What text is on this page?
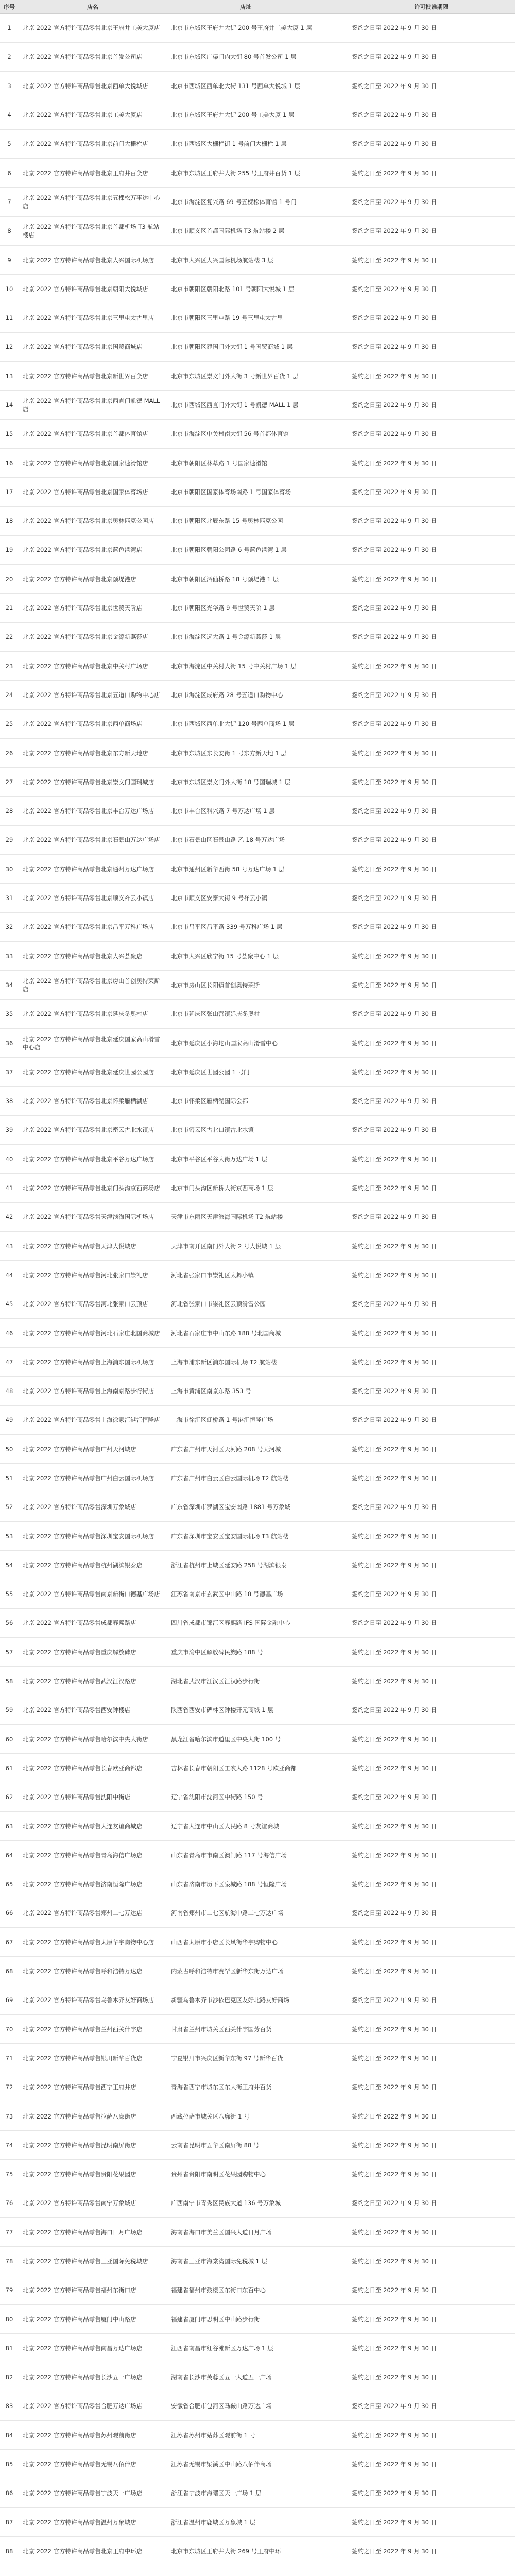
序号	店名	店址		许可批准期限
1	北京 2022 官方特许商品零售北京王府井工美大厦店	北京市东城区王府井大街 200 号王府井工美大厦 1 层		签约之日至 2022 年 9 月 30 日
2	北京 2022 官方特许商品零售北京首发公司店	北京市东城区广渠门内大街 80 号首发公司 1 层		签约之日至 2022 年 9 月 30 日
3	北京 2022 官方特许商品零售北京西单大悦城店	北京市西城区西单北大街 131 号西单大悦城 1 层		签约之日至 2022 年 9 月 30 日
4	北京 2022 官方特许商品零售北京工美大厦店	北京市东城区王府井大街 200 号工美大厦 1 层		签约之日至 2022 年 9 月 30 日
5	北京 2022 官方特许商品零售北京前门大栅栏店	北京市西城区大栅栏街 1 号前门大栅栏 1 层		签约之日至 2022 年 9 月 30 日
6	北京 2022 官方特许商品零售北京王府井百货店	北京市东城区王府井大街 255 号王府井百货 1 层		签约之日至 2022 年 9 月 30 日
7	北京 2022 官方特许商品零售北京五棵松万事达中心店	北京市海淀区复兴路 69 号五棵松体育馆 1 号门		签约之日至 2022 年 9 月 30 日
8	北京 2022 官方特许商品零售北京首都机场 T3 航站楼店	北京市顺义区首都国际机场 T3 航站楼 2 层		签约之日至 2022 年 9 月 30 日
9	北京 2022 官方特许商品零售北京大兴国际机场店	北京市大兴区大兴国际机场航站楼 3 层		签约之日至 2022 年 9 月 30 日
10	北京 2022 官方特许商品零售北京朝阳大悦城店	北京市朝阳区朝阳北路 101 号朝阳大悦城 1 层		签约之日至 2022 年 9 月 30 日
11	北京 2022 官方特许商品零售北京三里屯太古里店	北京市朝阳区三里屯路 19 号三里屯太古里		签约之日至 2022 年 9 月 30 日
12	北京 2022 官方特许商品零售北京国贸商城店	北京市朝阳区建国门外大街 1 号国贸商城 1 层		签约之日至 2022 年 9 月 30 日
13	北京 2022 官方特许商品零售北京新世界百货店	北京市东城区崇文门外大街 3 号新世界百货 1 层		签约之日至 2022 年 9 月 30 日
14	北京 2022 官方特许商品零售北京西直门凯德 MALL 店	北京市西城区西直门外大街 1 号凯德 MALL 1 层		签约之日至 2022 年 9 月 30 日
15	北京 2022 官方特许商品零售北京首都体育馆店	北京市海淀区中关村南大街 56 号首都体育馆		签约之日至 2022 年 9 月 30 日
16	北京 2022 官方特许商品零售北京国家速滑馆店	北京市朝阳区林萃路 1 号国家速滑馆		签约之日至 2022 年 9 月 30 日
17	北京 2022 官方特许商品零售北京国家体育场店	北京市朝阳区国家体育场南路 1 号国家体育场		签约之日至 2022 年 9 月 30 日
18	北京 2022 官方特许商品零售北京奥林匹克公园店	北京市朝阳区北辰东路 15 号奥林匹克公园		签约之日至 2022 年 9 月 30 日
19	北京 2022 官方特许商品零售北京蓝色港湾店	北京市朝阳区朝阳公园路 6 号蓝色港湾 1 层		签约之日至 2022 年 9 月 30 日
20	北京 2022 官方特许商品零售北京颐堤港店	北京市朝阳区酒仙桥路 18 号颐堤港 1 层		签约之日至 2022 年 9 月 30 日
21	北京 2022 官方特许商品零售北京世贸天阶店	北京市朝阳区光华路 9 号世贸天阶 1 层		签约之日至 2022 年 9 月 30 日
22	北京 2022 官方特许商品零售北京金源新燕莎店	北京市海淀区远大路 1 号金源新燕莎 1 层		签约之日至 2022 年 9 月 30 日
23	北京 2022 官方特许商品零售北京中关村广场店	北京市海淀区中关村大街 15 号中关村广场 1 层		签约之日至 2022 年 9 月 30 日
24	北京 2022 官方特许商品零售北京五道口购物中心店	北京市海淀区成府路 28 号五道口购物中心		签约之日至 2022 年 9 月 30 日
25	北京 2022 官方特许商品零售北京西单商场店	北京市西城区西单北大街 120 号西单商场 1 层		签约之日至 2022 年 9 月 30 日
26	北京 2022 官方特许商品零售北京东方新天地店	北京市东城区东长安街 1 号东方新天地 1 层		签约之日至 2022 年 9 月 30 日
27	北京 2022 官方特许商品零售北京崇文门国瑞城店	北京市东城区崇文门外大街 18 号国瑞城 1 层		签约之日至 2022 年 9 月 30 日
28	北京 2022 官方特许商品零售北京丰台万达广场店	北京市丰台区科兴路 7 号万达广场 1 层		签约之日至 2022 年 9 月 30 日
29	北京 2022 官方特许商品零售北京石景山万达广场店	北京市石景山区石景山路 乙 18 号万达广场		签约之日至 2022 年 9 月 30 日
30	北京 2022 官方特许商品零售北京通州万达广场店	北京市通州区新华西街 58 号万达广场 1 层		签约之日至 2022 年 9 月 30 日
31	北京 2022 官方特许商品零售北京顺义祥云小镇店	北京市顺义区安泰大街 9 号祥云小镇		签约之日至 2022 年 9 月 30 日
32	北京 2022 官方特许商品零售北京昌平万科广场店	北京市昌平区昌平路 339 号万科广场 1 层		签约之日至 2022 年 9 月 30 日
33	北京 2022 官方特许商品零售北京大兴荟聚店	北京市大兴区欣宁街 15 号荟聚中心 1 层		签约之日至 2022 年 9 月 30 日
34	北京 2022 官方特许商品零售北京房山首创奥特莱斯店	北京市房山区长阳镇首创奥特莱斯		签约之日至 2022 年 9 月 30 日
35	北京 2022 官方特许商品零售北京延庆冬奥村店	北京市延庆区张山营镇延庆冬奥村		签约之日至 2022 年 9 月 30 日
36	北京 2022 官方特许商品零售北京延庆国家高山滑雪中心店	北京市延庆区小海坨山国家高山滑雪中心		签约之日至 2022 年 9 月 30 日
37	北京 2022 官方特许商品零售北京延庆世园公园店	北京市延庆区世园公园 1 号门		签约之日至 2022 年 9 月 30 日
38	北京 2022 官方特许商品零售北京怀柔雁栖湖店	北京市怀柔区雁栖湖国际会都		签约之日至 2022 年 9 月 30 日
39	北京 2022 官方特许商品零售北京密云古北水镇店	北京市密云区古北口镇古北水镇		签约之日至 2022 年 9 月 30 日
40	北京 2022 官方特许商品零售北京平谷万达广场店	北京市平谷区平谷大街万达广场 1 层		签约之日至 2022 年 9 月 30 日
41	北京 2022 官方特许商品零售北京门头沟京西商场店	北京市门头沟区新桥大街京西商场 1 层		签约之日至 2022 年 9 月 30 日
42	北京 2022 官方特许商品零售天津滨海国际机场店	天津市东丽区天津滨海国际机场 T2 航站楼		签约之日至 2022 年 9 月 30 日
43	北京 2022 官方特许商品零售天津大悦城店	天津市南开区南门外大街 2 号大悦城 1 层		签约之日至 2022 年 9 月 30 日
44	北京 2022 官方特许商品零售河北张家口崇礼店	河北省张家口市崇礼区太舞小镇		签约之日至 2022 年 9 月 30 日
45	北京 2022 官方特许商品零售河北张家口云顶店	河北省张家口市崇礼区云顶滑雪公园		签约之日至 2022 年 9 月 30 日
46	北京 2022 官方特许商品零售河北石家庄北国商城店	河北省石家庄市中山东路 188 号北国商城		签约之日至 2022 年 9 月 30 日
47	北京 2022 官方特许商品零售上海浦东国际机场店	上海市浦东新区浦东国际机场 T2 航站楼		签约之日至 2022 年 9 月 30 日
48	北京 2022 官方特许商品零售上海南京路步行街店	上海市黄浦区南京东路 353 号		签约之日至 2022 年 9 月 30 日
49	北京 2022 官方特许商品零售上海徐家汇港汇恒隆店	上海市徐汇区虹桥路 1 号港汇恒隆广场		签约之日至 2022 年 9 月 30 日
50	北京 2022 官方特许商品零售广州天河城店	广东省广州市天河区天河路 208 号天河城		签约之日至 2022 年 9 月 30 日
51	北京 2022 官方特许商品零售广州白云国际机场店	广东省广州市白云区白云国际机场 T2 航站楼		签约之日至 2022 年 9 月 30 日
52	北京 2022 官方特许商品零售深圳万象城店	广东省深圳市罗湖区宝安南路 1881 号万象城		签约之日至 2022 年 9 月 30 日
53	北京 2022 官方特许商品零售深圳宝安国际机场店	广东省深圳市宝安区宝安国际机场 T3 航站楼		签约之日至 2022 年 9 月 30 日
54	北京 2022 官方特许商品零售杭州湖滨银泰店	浙江省杭州市上城区延安路 258 号湖滨银泰		签约之日至 2022 年 9 月 30 日
55	北京 2022 官方特许商品零售南京新街口德基广场店	江苏省南京市玄武区中山路 18 号德基广场		签约之日至 2022 年 9 月 30 日
56	北京 2022 官方特许商品零售成都春熙路店	四川省成都市锦江区春熙路 IFS 国际金融中心		签约之日至 2022 年 9 月 30 日
57	北京 2022 官方特许商品零售重庆解放碑店	重庆市渝中区解放碑民族路 188 号		签约之日至 2022 年 9 月 30 日
58	北京 2022 官方特许商品零售武汉江汉路店	湖北省武汉市江汉区江汉路步行街		签约之日至 2022 年 9 月 30 日
59	北京 2022 官方特许商品零售西安钟楼店	陕西省西安市碑林区钟楼开元商城 1 层		签约之日至 2022 年 9 月 30 日
60	北京 2022 官方特许商品零售哈尔滨中央大街店	黑龙江省哈尔滨市道里区中央大街 100 号		签约之日至 2022 年 9 月 30 日
61	北京 2022 官方特许商品零售长春欧亚商都店	吉林省长春市朝阳区工农大路 1128 号欧亚商都		签约之日至 2022 年 9 月 30 日
62	北京 2022 官方特许商品零售沈阳中街店	辽宁省沈阳市沈河区中街路 150 号		签约之日至 2022 年 9 月 30 日
63	北京 2022 官方特许商品零售大连友谊商城店	辽宁省大连市中山区人民路 8 号友谊商城		签约之日至 2022 年 9 月 30 日
64	北京 2022 官方特许商品零售青岛海信广场店	山东省青岛市市南区澳门路 117 号海信广场		签约之日至 2022 年 9 月 30 日
65	北京 2022 官方特许商品零售济南恒隆广场店	山东省济南市历下区泉城路 188 号恒隆广场		签约之日至 2022 年 9 月 30 日
66	北京 2022 官方特许商品零售郑州二七万达店	河南省郑州市二七区航海中路二七万达广场		签约之日至 2022 年 9 月 30 日
67	北京 2022 官方特许商品零售太原华宇购物中心店	山西省太原市小店区长风街华宇购物中心		签约之日至 2022 年 9 月 30 日
68	北京 2022 官方特许商品零售呼和浩特万达店	内蒙古呼和浩特市赛罕区新华东街万达广场		签约之日至 2022 年 9 月 30 日
69	北京 2022 官方特许商品零售乌鲁木齐友好商场店	新疆乌鲁木齐市沙依巴克区友好北路友好商场		签约之日至 2022 年 9 月 30 日
70	北京 2022 官方特许商品零售兰州西关什字店	甘肃省兰州市城关区西关什字国芳百货		签约之日至 2022 年 9 月 30 日
71	北京 2022 官方特许商品零售银川新华百货店	宁夏银川市兴庆区新华东街 97 号新华百货		签约之日至 2022 年 9 月 30 日
72	北京 2022 官方特许商品零售西宁王府井店	青海省西宁市城东区东大街王府井百货		签约之日至 2022 年 9 月 30 日
73	北京 2022 官方特许商品零售拉萨八廓街店	西藏拉萨市城关区八廓街 1 号		签约之日至 2022 年 9 月 30 日
74	北京 2022 官方特许商品零售昆明南屏街店	云南省昆明市五华区南屏街 88 号		签约之日至 2022 年 9 月 30 日
75	北京 2022 官方特许商品零售贵阳花果园店	贵州省贵阳市南明区花果园购物中心		签约之日至 2022 年 9 月 30 日
76	北京 2022 官方特许商品零售南宁万象城店	广西南宁市青秀区民族大道 136 号万象城		签约之日至 2022 年 9 月 30 日
77	北京 2022 官方特许商品零售海口日月广场店	海南省海口市美兰区国兴大道日月广场		签约之日至 2022 年 9 月 30 日
78	北京 2022 官方特许商品零售三亚国际免税城店	海南省三亚市海棠湾国际免税城 1 层		签约之日至 2022 年 9 月 30 日
79	北京 2022 官方特许商品零售福州东街口店	福建省福州市鼓楼区东街口东百中心		签约之日至 2022 年 9 月 30 日
80	北京 2022 官方特许商品零售厦门中山路店	福建省厦门市思明区中山路步行街		签约之日至 2022 年 9 月 30 日
81	北京 2022 官方特许商品零售南昌万达广场店	江西省南昌市红谷滩新区万达广场 1 层		签约之日至 2022 年 9 月 30 日
82	北京 2022 官方特许商品零售长沙五一广场店	湖南省长沙市芙蓉区五一大道五一广场		签约之日至 2022 年 9 月 30 日
83	北京 2022 官方特许商品零售合肥万达广场店	安徽省合肥市包河区马鞍山路万达广场		签约之日至 2022 年 9 月 30 日
84	北京 2022 官方特许商品零售苏州观前街店	江苏省苏州市姑苏区观前街 1 号		签约之日至 2022 年 9 月 30 日
85	北京 2022 官方特许商品零售无锡八佰伴店	江苏省无锡市梁溪区中山路八佰伴商场		签约之日至 2022 年 9 月 30 日
86	北京 2022 官方特许商品零售宁波天一广场店	浙江省宁波市海曙区天一广场 1 层		签约之日至 2022 年 9 月 30 日
87	北京 2022 官方特许商品零售温州万象城店	浙江省温州市鹿城区万象城 1 层		签约之日至 2022 年 9 月 30 日
88	北京 2022 官方特许商品零售北京王府中环店	北京市东城区王府井大街 269 号王府中环		签约之日至 2022 年 9 月 30 日
